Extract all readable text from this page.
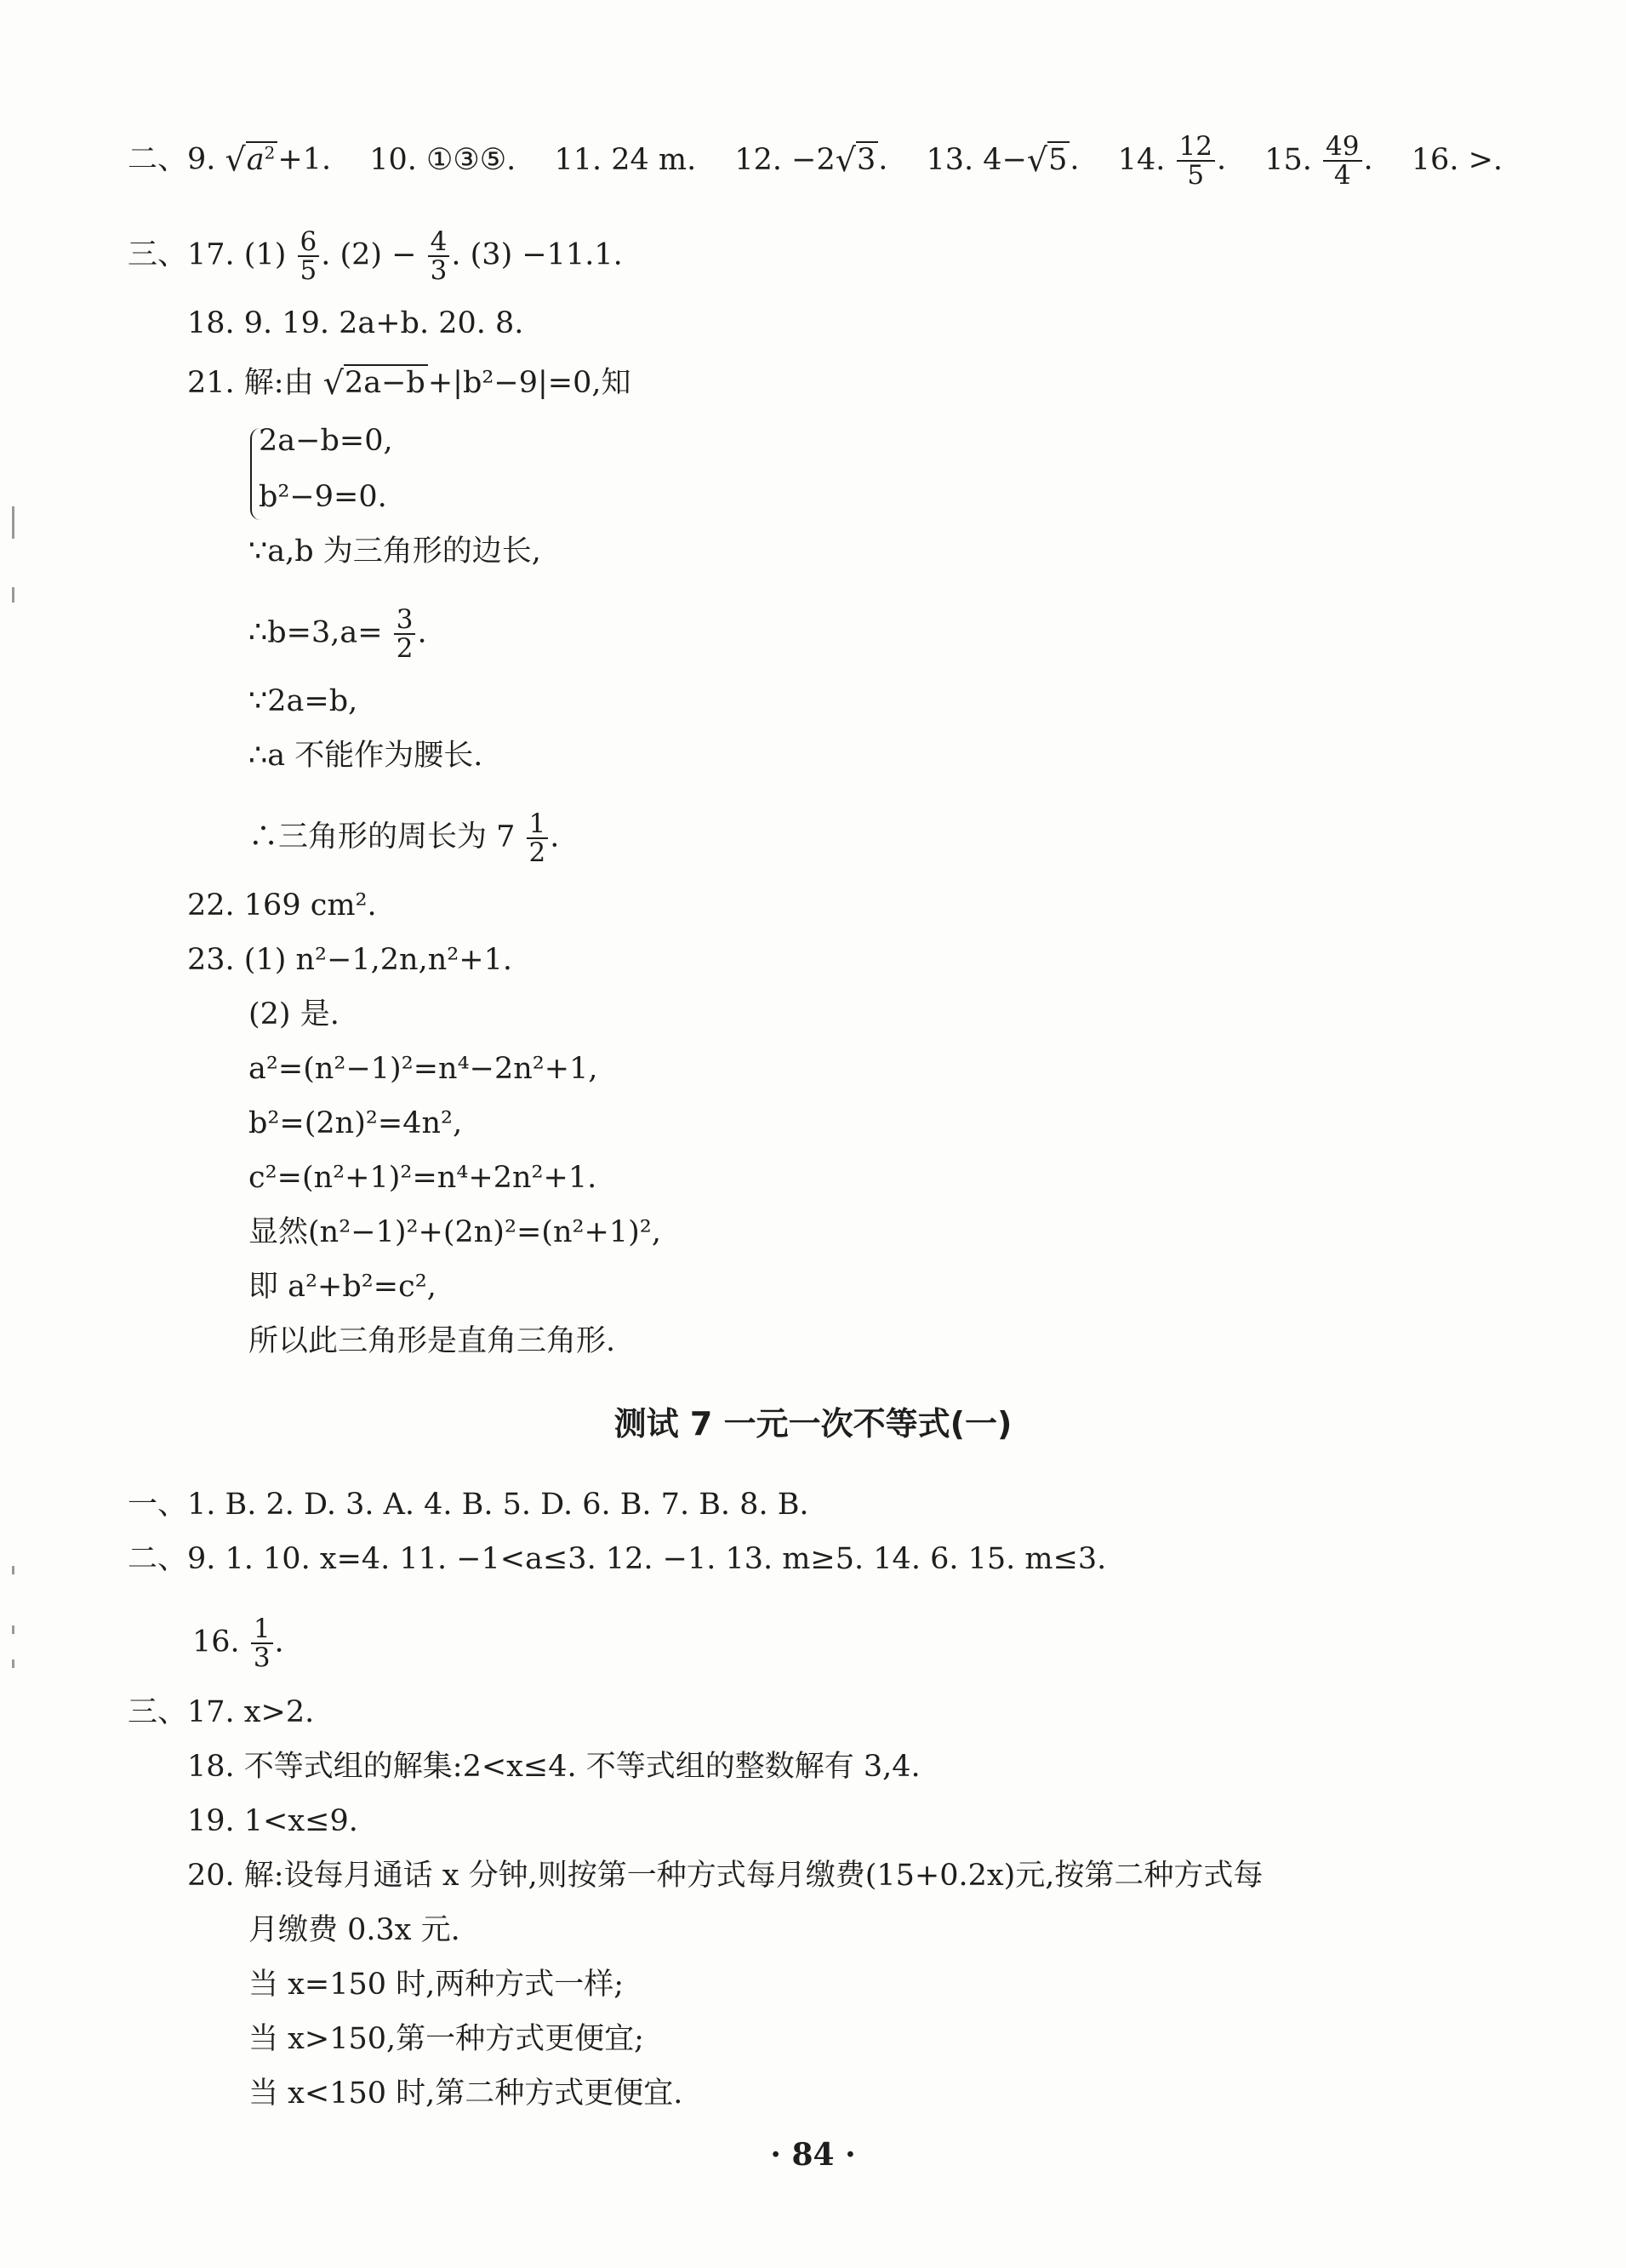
二、9. $√a^2+1$. 10. ①③⑤. 11. 24 m. 12. −2√3. 13. 4−√5. 14. $\frac{12}{5}$ . 15. $\frac{49}{4}$ . 16. >.
三、17. $(1) \frac{6}{5}$ . $(2) - \frac{4}{3}$ . (3) −11.1.
18. 9. 19. 2a+b. 20. 8.
21. 解:由 √2a−b+|b²−9|=0,知
2a−b=0,
b²−9=0.
∵a,b 为三角形的边长,
∴b=3,a= $\frac{3}{2}$ .
∵2a=b,
∴a 不能作为腰长.
∴三角形的周长为 $7 \frac{1}{2}$ .
22. 169 cm².
23. (1) n²−1,2n,n²+1.
(2) 是.
a²=(n²−1)²=n⁴−2n²+1,
b²=(2n)²=4n²,
c²=(n²+1)²=n⁴+2n²+1.
显然(n²−1)²+(2n)²=(n²+1)²,
即 a²+b²=c²,
所以此三角形是直角三角形.
测试 7 一元一次不等式(一)
一、1. B. 2. D. 3. A. 4. B. 5. D. 6. B. 7. B. 8. B.
二、9. 1. 10. x=4. 11. −1<a≤3. 12. −1. 13. m≥5. 14. 6. 15. m≤3.
16. $\frac{1}{3}$ .
三、17. x>2.
18. 不等式组的解集:2<x≤4. 不等式组的整数解有 3,4.
19. 1<x≤9.
20. 解:设每月通话 x 分钟,则按第一种方式每月缴费(15+0.2x)元,按第二种方式每
月缴费 0.3x 元.
当 x=150 时,两种方式一样;
当 x>150,第一种方式更便宜;
当 x<150 时,第二种方式更便宜.
· 84 ·
